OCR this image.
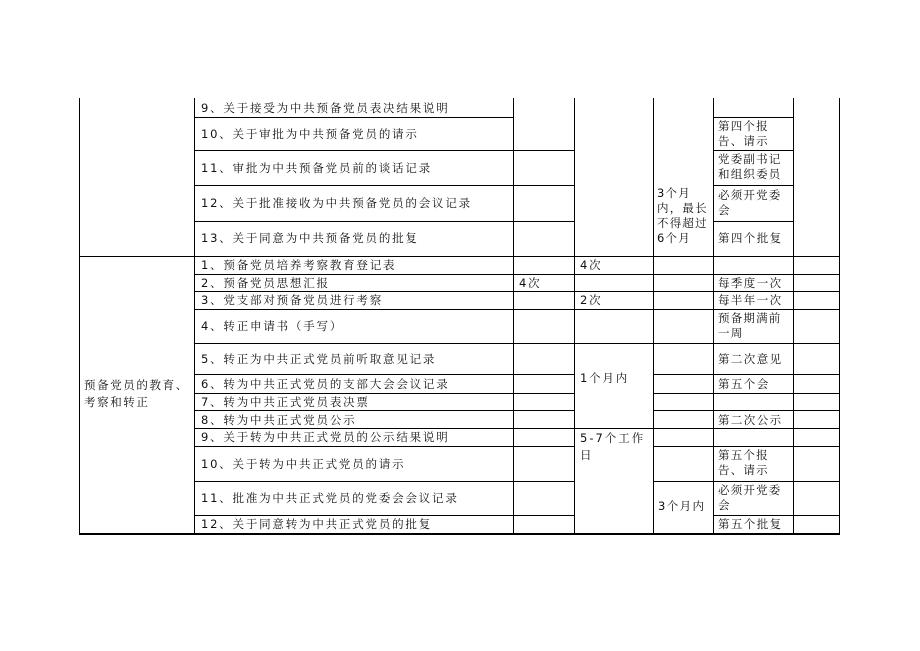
9、关于接受为中共预备党员表决结果说明
10、关于审批为中共预备党员的请示
11、审批为中共预备党员前的谈话记录
12、关于批准接收为中共预备党员的会议记录
13、关于同意为中共预备党员的批复
3个月内，最长不得超过6个月
第四个报告、请示
党委副书记和组织委员
必须开党委会
第四个批复
预备党员的教育、考察和转正
1、预备党员培养考察教育登记表
2、预备党员思想汇报
3、党支部对预备党员进行考察
4、转正申请书（手写）
5、转正为中共正式党员前听取意见记录
6、转为中共正式党员的支部大会会议记录
7、转为中共正式党员表决票
8、转为中共正式党员公示
9、关于转为中共正式党员的公示结果说明
10、关于转为中共正式党员的请示
11、批准为中共正式党员的党委会会议记录
12、关于同意转为中共正式党员的批复
4次
4次
2次
1个月内
5-7个工作日
3个月内
每季度一次
每半年一次
预备期满前一周
第二次意见
第五个会
第二次公示
第五个报告、请示
必须开党委会
第五个批复
